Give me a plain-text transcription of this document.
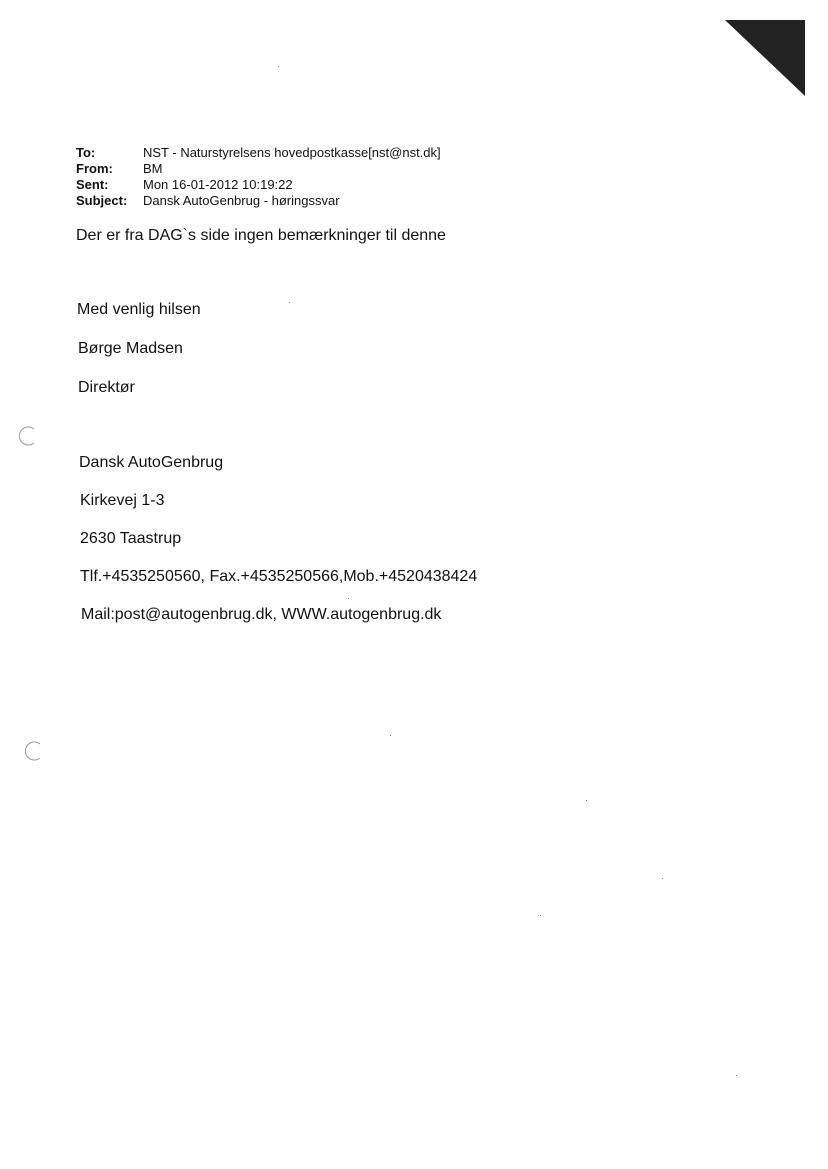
To:	NST - Naturstyrelsens hovedpostkasse[nst@nst.dk]
From:	BM
Sent:	Mon 16-01-2012 10:19:22
Subject:	Dansk AutoGenbrug - høringssvar
Der er fra DAG`s side ingen bemærkninger til denne
Med venlig hilsen
Børge Madsen
Direktør
Dansk AutoGenbrug
Kirkevej 1-3
2630 Taastrup
Tlf.+4535250560, Fax.+4535250566,Mob.+4520438424
Mail:post@autogenbrug.dk, WWW.autogenbrug.dk
